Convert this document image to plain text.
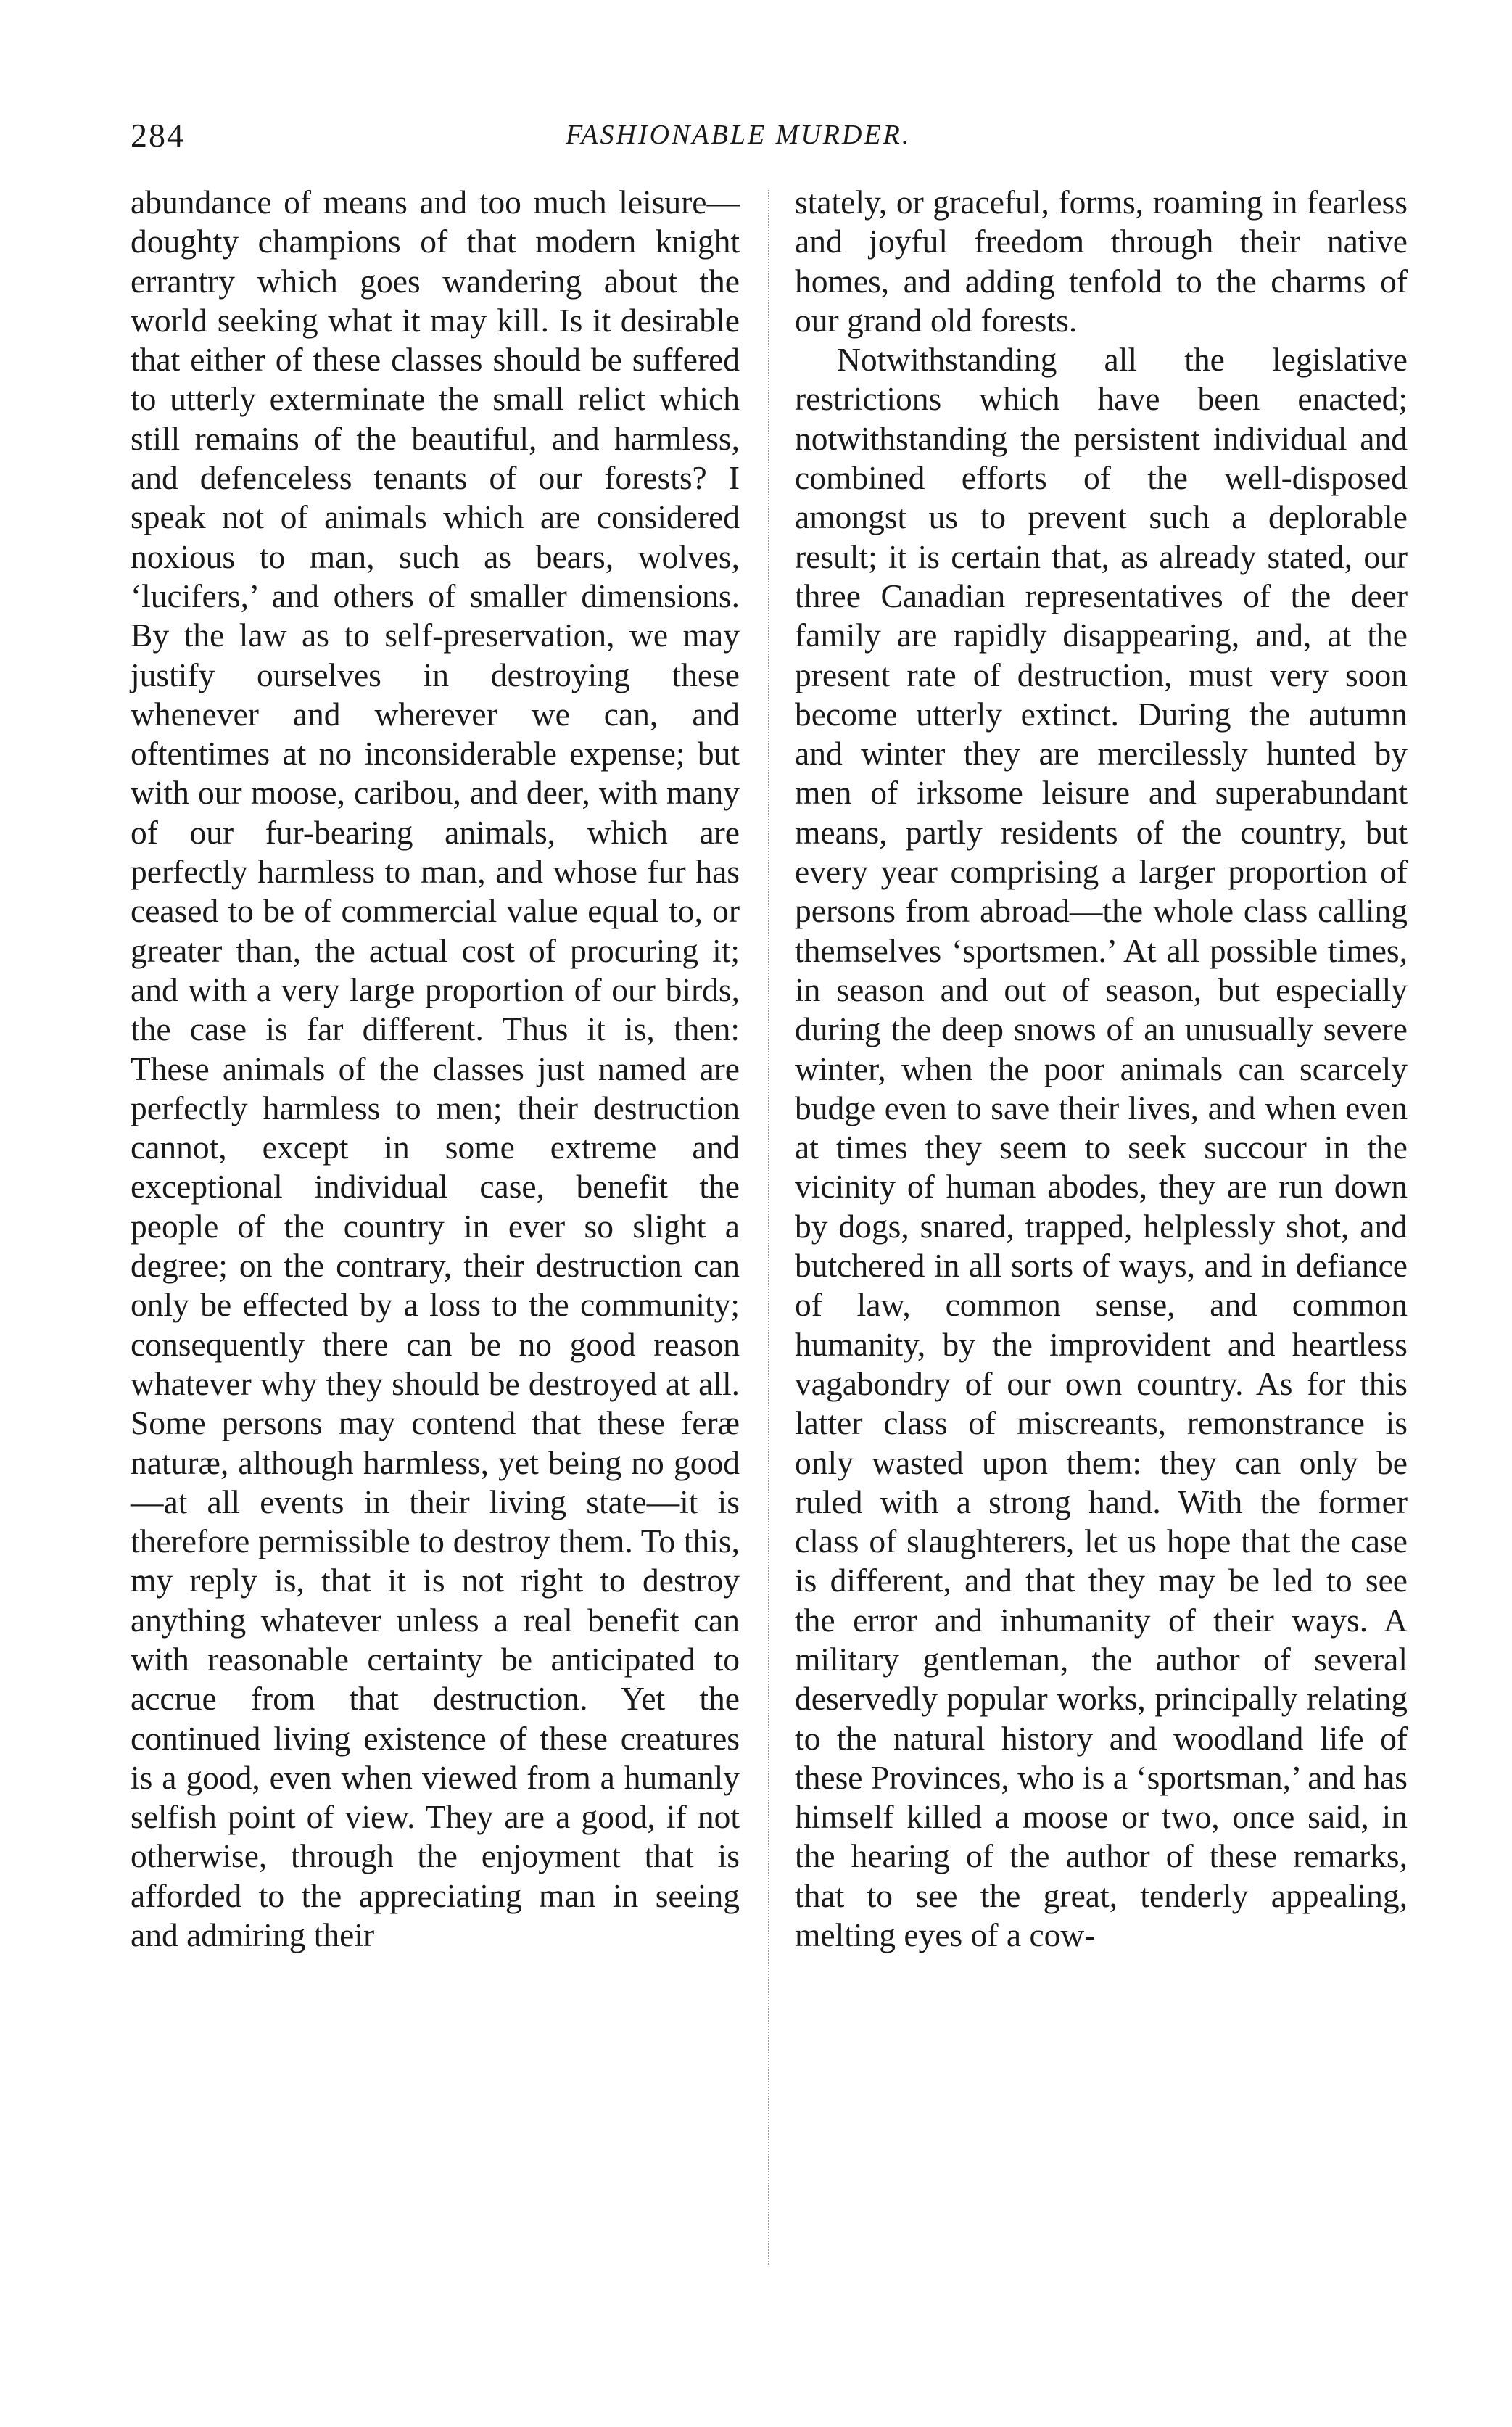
284	FASHIONABLE MURDER.

abundance of means and too much leisure—doughty champions of that modern knight errantry which goes wandering about the world seeking what it may kill. Is it desirable that either of these classes should be suffered to utterly exterminate the small relict which still remains of the beautiful, and harmless, and defenceless tenants of our forests? I speak not of animals which are considered noxious to man, such as bears, wolves, ‘lucifers,’ and others of smaller dimensions. By the law as to self-preservation, we may justify ourselves in destroying these whenever and wherever we can, and oftentimes at no inconsiderable expense; but with our moose, caribou, and deer, with many of our fur-bearing animals, which are perfectly harmless to man, and whose fur has ceased to be of commercial value equal to, or greater than, the actual cost of procuring it; and with a very large proportion of our birds, the case is far different. Thus it is, then: These animals of the classes just named are perfectly harmless to men; their destruction cannot, except in some extreme and exceptional individual case, benefit the people of the country in ever so slight a degree; on the contrary, their destruction can only be effected by a loss to the community; consequently there can be no good reason whatever why they should be destroyed at all. Some persons may contend that these feræ naturæ, although harmless, yet being no good—at all events in their living state—it is therefore permissible to destroy them. To this, my reply is, that it is not right to destroy anything whatever unless a real benefit can with reasonable certainty be anticipated to accrue from that destruction. Yet the continued living existence of these creatures is a good, even when viewed from a humanly selfish point of view. They are a good, if not otherwise, through the enjoyment that is afforded to the appreciating man in seeing and admiring their

stately, or graceful, forms, roaming in fearless and joyful freedom through their native homes, and adding tenfold to the charms of our grand old forests.

Notwithstanding all the legislative restrictions which have been enacted; notwithstanding the persistent individual and combined efforts of the well-disposed amongst us to prevent such a deplorable result; it is certain that, as already stated, our three Canadian representatives of the deer family are rapidly disappearing, and, at the present rate of destruction, must very soon become utterly extinct. During the autumn and winter they are mercilessly hunted by men of irksome leisure and superabundant means, partly residents of the country, but every year comprising a larger proportion of persons from abroad—the whole class calling themselves ‘sportsmen.’ At all possible times, in season and out of season, but especially during the deep snows of an unusually severe winter, when the poor animals can scarcely budge even to save their lives, and when even at times they seem to seek succour in the vicinity of human abodes, they are run down by dogs, snared, trapped, helplessly shot, and butchered in all sorts of ways, and in defiance of law, common sense, and common humanity, by the improvident and heartless vagabondry of our own country. As for this latter class of miscreants, remonstrance is only wasted upon them: they can only be ruled with a strong hand. With the former class of slaughterers, let us hope that the case is different, and that they may be led to see the error and inhumanity of their ways. A military gentleman, the author of several deservedly popular works, principally relating to the natural history and woodland life of these Provinces, who is a ‘sportsman,’ and has himself killed a moose or two, once said, in the hearing of the author of these remarks, that to see the great, tenderly appealing, melting eyes of a cow-
